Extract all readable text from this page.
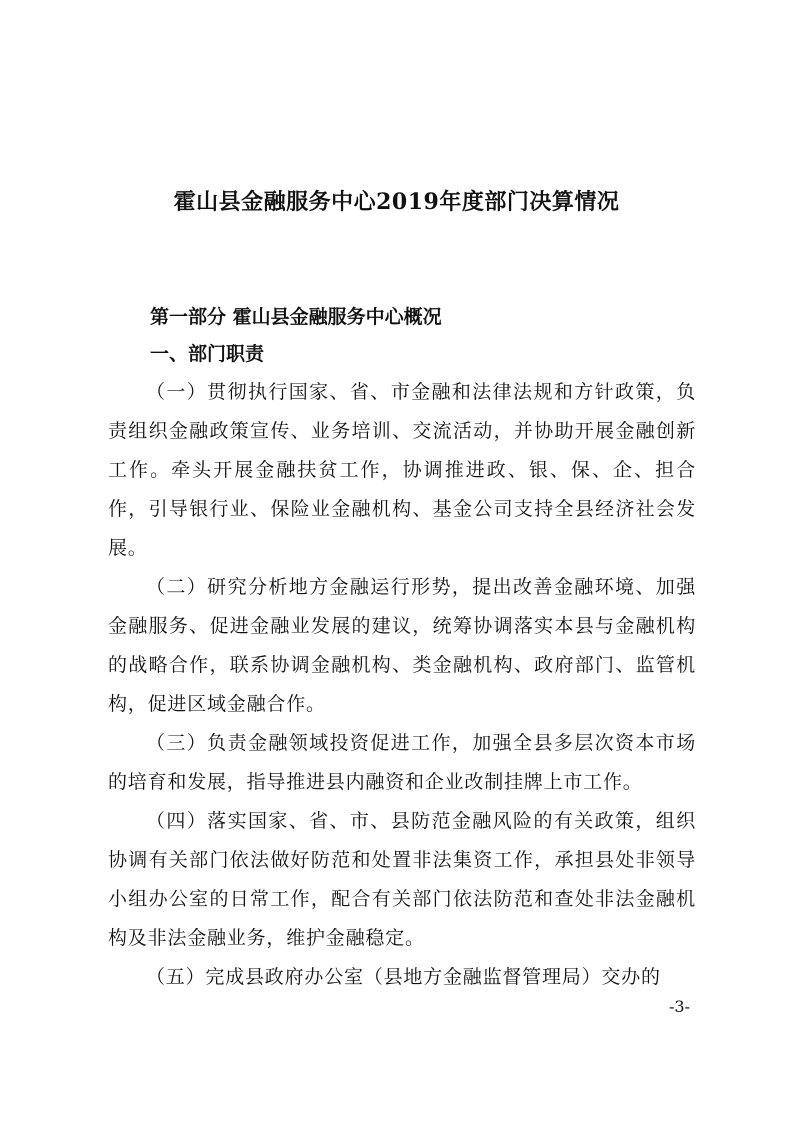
霍山县金融服务中心2019年度部门决算情况
第一部分 霍山县金融服务中心概况
一、部门职责

（一）贯彻执行国家、省、市金融和法律法规和方针政策，负责组织金融政策宣传、业务培训、交流活动，并协助开展金融创新工作。牵头开展金融扶贫工作，协调推进政、银、保、企、担合作，引导银行业、保险业金融机构、基金公司支持全县经济社会发展。

（二）研究分析地方金融运行形势，提出改善金融环境、加强金融服务、促进金融业发展的建议，统筹协调落实本县与金融机构的战略合作，联系协调金融机构、类金融机构、政府部门、监管机构，促进区域金融合作。

（三）负责金融领域投资促进工作，加强全县多层次资本市场的培育和发展，指导推进县内融资和企业改制挂牌上市工作。

（四）落实国家、省、市、县防范金融风险的有关政策，组织协调有关部门依法做好防范和处置非法集资工作，承担县处非领导小组办公室的日常工作，配合有关部门依法防范和查处非法金融机构及非法金融业务，维护金融稳定。

（五）完成县政府办公室（县地方金融监督管理局）交办的

-3-
